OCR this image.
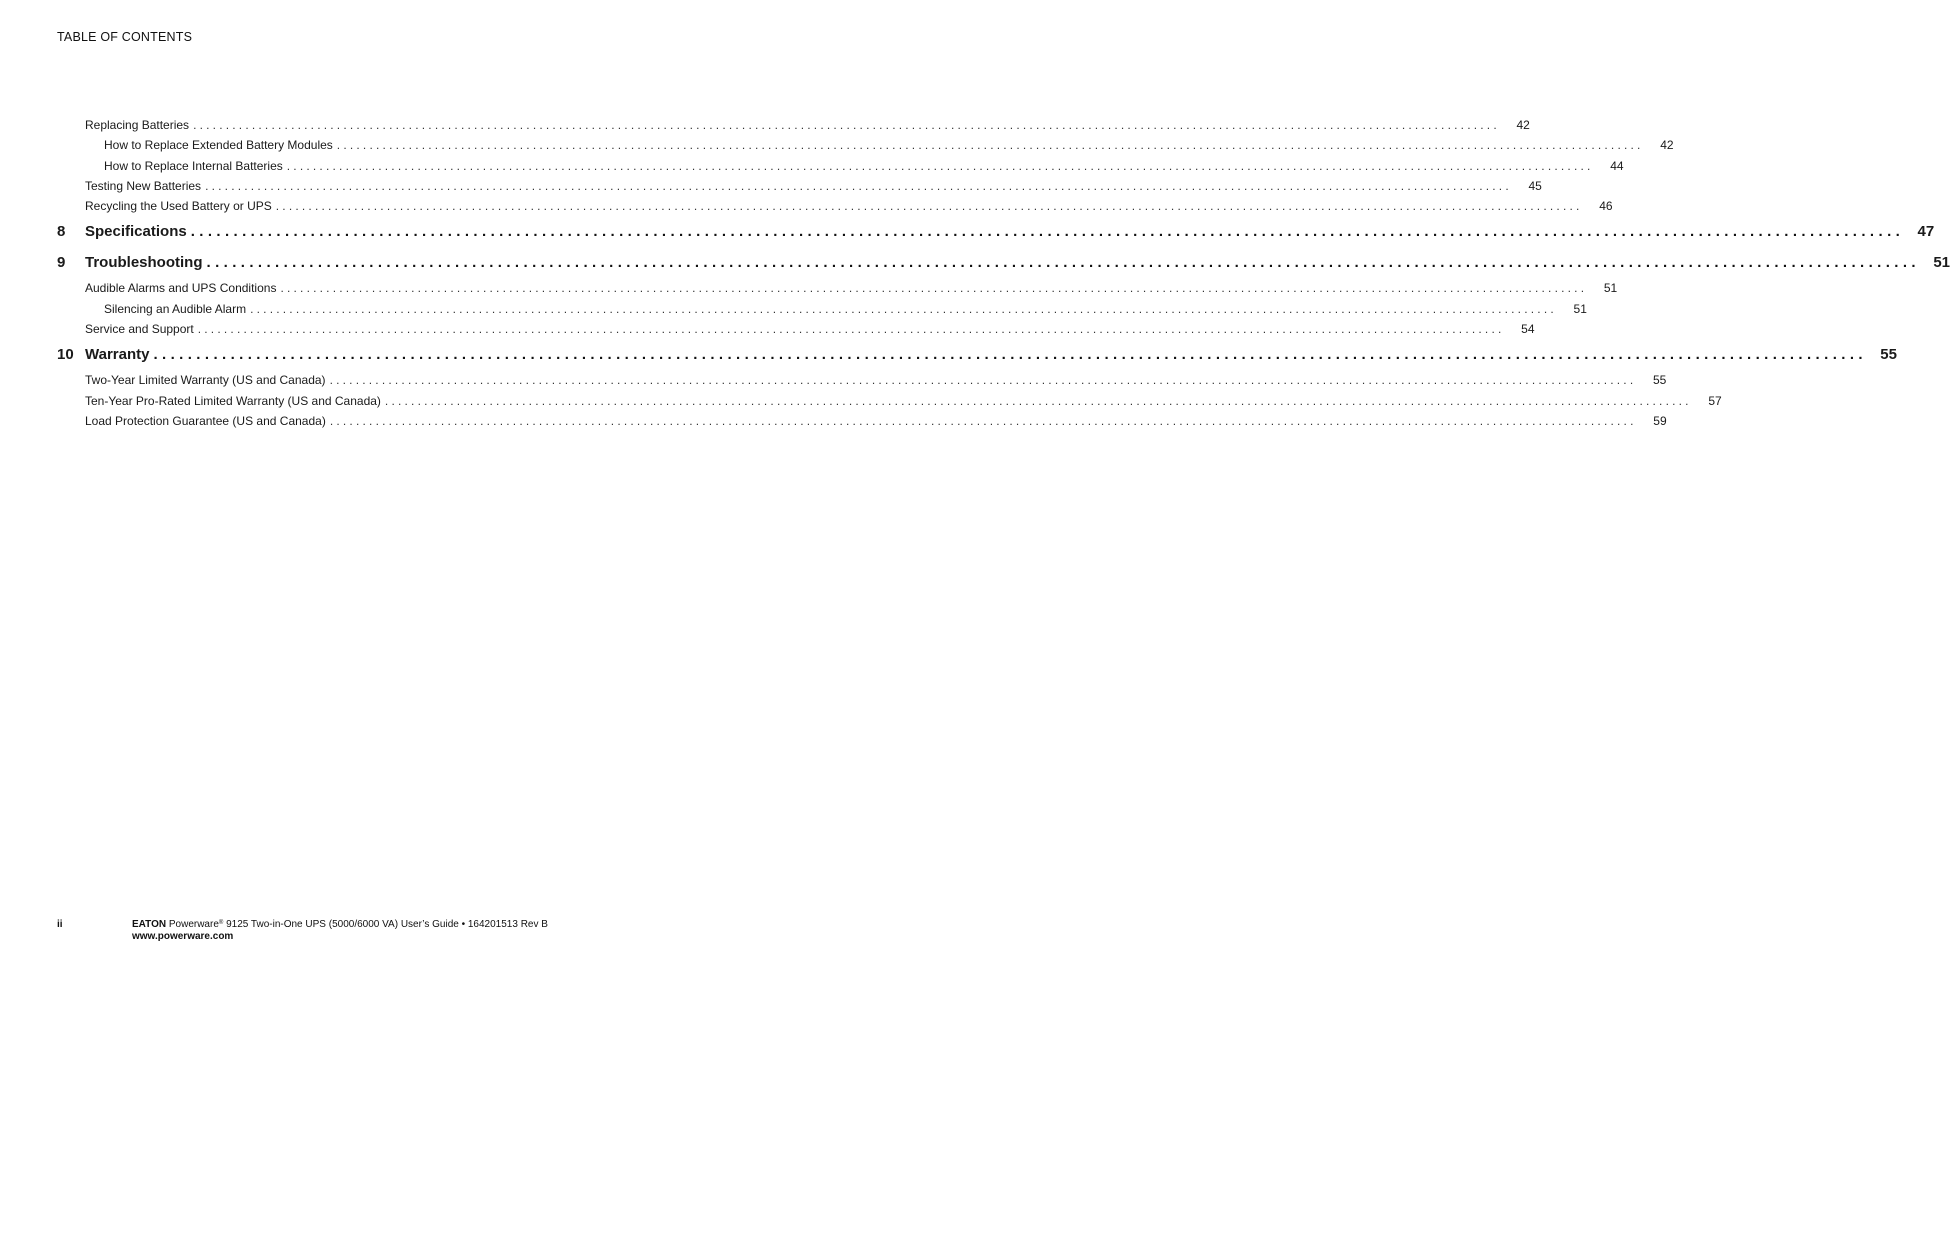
TABLE OF CONTENTS
Replacing Batteries ........................................................................................................................................................................................................	42
How to Replace Extended Battery Modules ........................................................................................................................................................................................................	42
How to Replace Internal Batteries ........................................................................................................................................................................................................	44
Testing New Batteries ........................................................................................................................................................................................................	45
Recycling the Used Battery or UPS ........................................................................................................................................................................................................	46
8	Specifications ........................................................................................................................................................................................................ 47
9	Troubleshooting ........................................................................................................................................................................................................ 51
Audible Alarms and UPS Conditions ........................................................................................................................................................................................................	51
Silencing an Audible Alarm ........................................................................................................................................................................................................	51
Service and Support ........................................................................................................................................................................................................	54
10 Warranty ........................................................................................................................................................................................................ 55
Two-Year Limited Warranty (US and Canada) ........................................................................................................................................................................................................	55
Ten-Year Pro-Rated Limited Warranty (US and Canada) ........................................................................................................................................................................................................	57
Load Protection Guarantee (US and Canada) ........................................................................................................................................................................................................	59
ii	EATON Powerware® 9125 Two-in-One UPS (5000/6000 VA) User’s Guide • 164201513 Rev B
www.powerware.com
